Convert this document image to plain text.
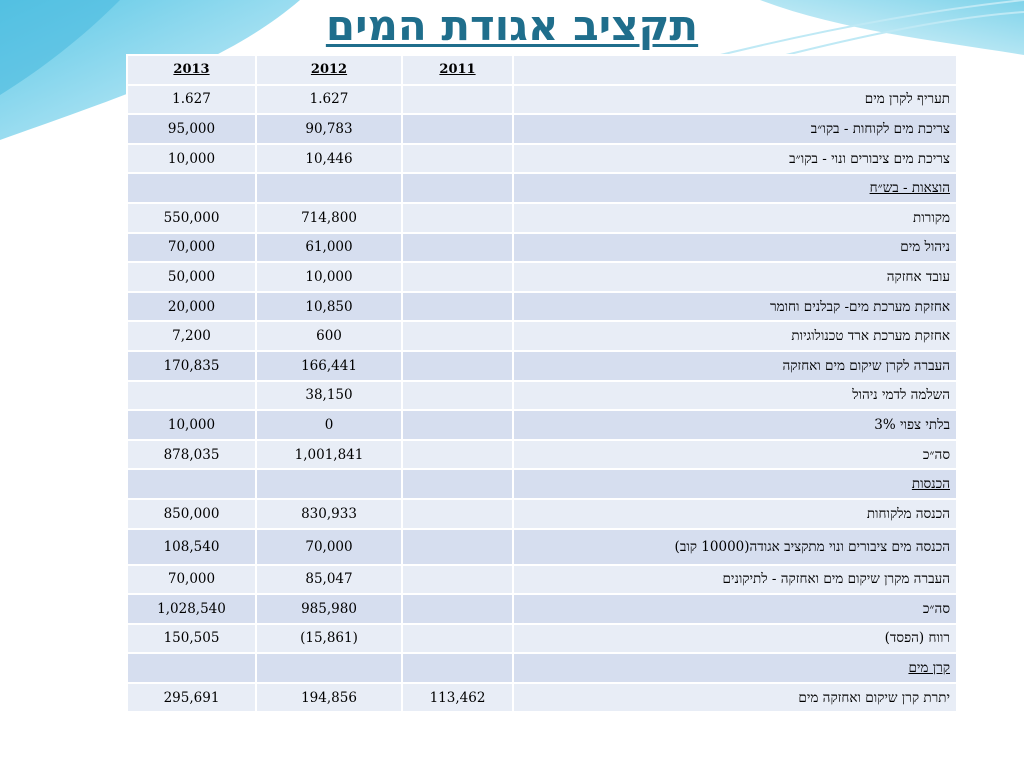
תקציב אגודת המים
2013	2012	2011	
1.627	1.627		תעריף לקרן מים
95,000	90,783		צריכת מים לקוחות - בקו״ב
10,000	10,446		צריכת מים ציבורים ונוי - בקו״ב
			הוצאות - בש״ח
550,000	714,800		מקורות
70,000	61,000		ניהול מים
50,000	10,000		עובד אחזקה
20,000	10,850		אחזקת מערכת מים- קבלנים וחומר
7,200	600		אחזקת מערכת ארד טכנולוגיות
170,835	166,441		העברה לקרן שיקום מים ואחזקה
	38,150		השלמה לדמי ניהול
10,000	0		בלתי צפוי 3%
878,035	1,001,841		סה״כ
			הכנסות
850,000	830,933		הכנסה מלקוחות
108,540	70,000		הכנסה מים ציבורים ונוי מתקציב אגודה(10000 קוב)
70,000	85,047		העברה מקרן שיקום מים ואחזקה - לתיקונים
1,028,540	985,980		סה״כ
150,505	(15,861)		רווח (הפסד)
			קרן מים
295,691	194,856	113,462	יתרת קרן שיקום ואחזקה מים
